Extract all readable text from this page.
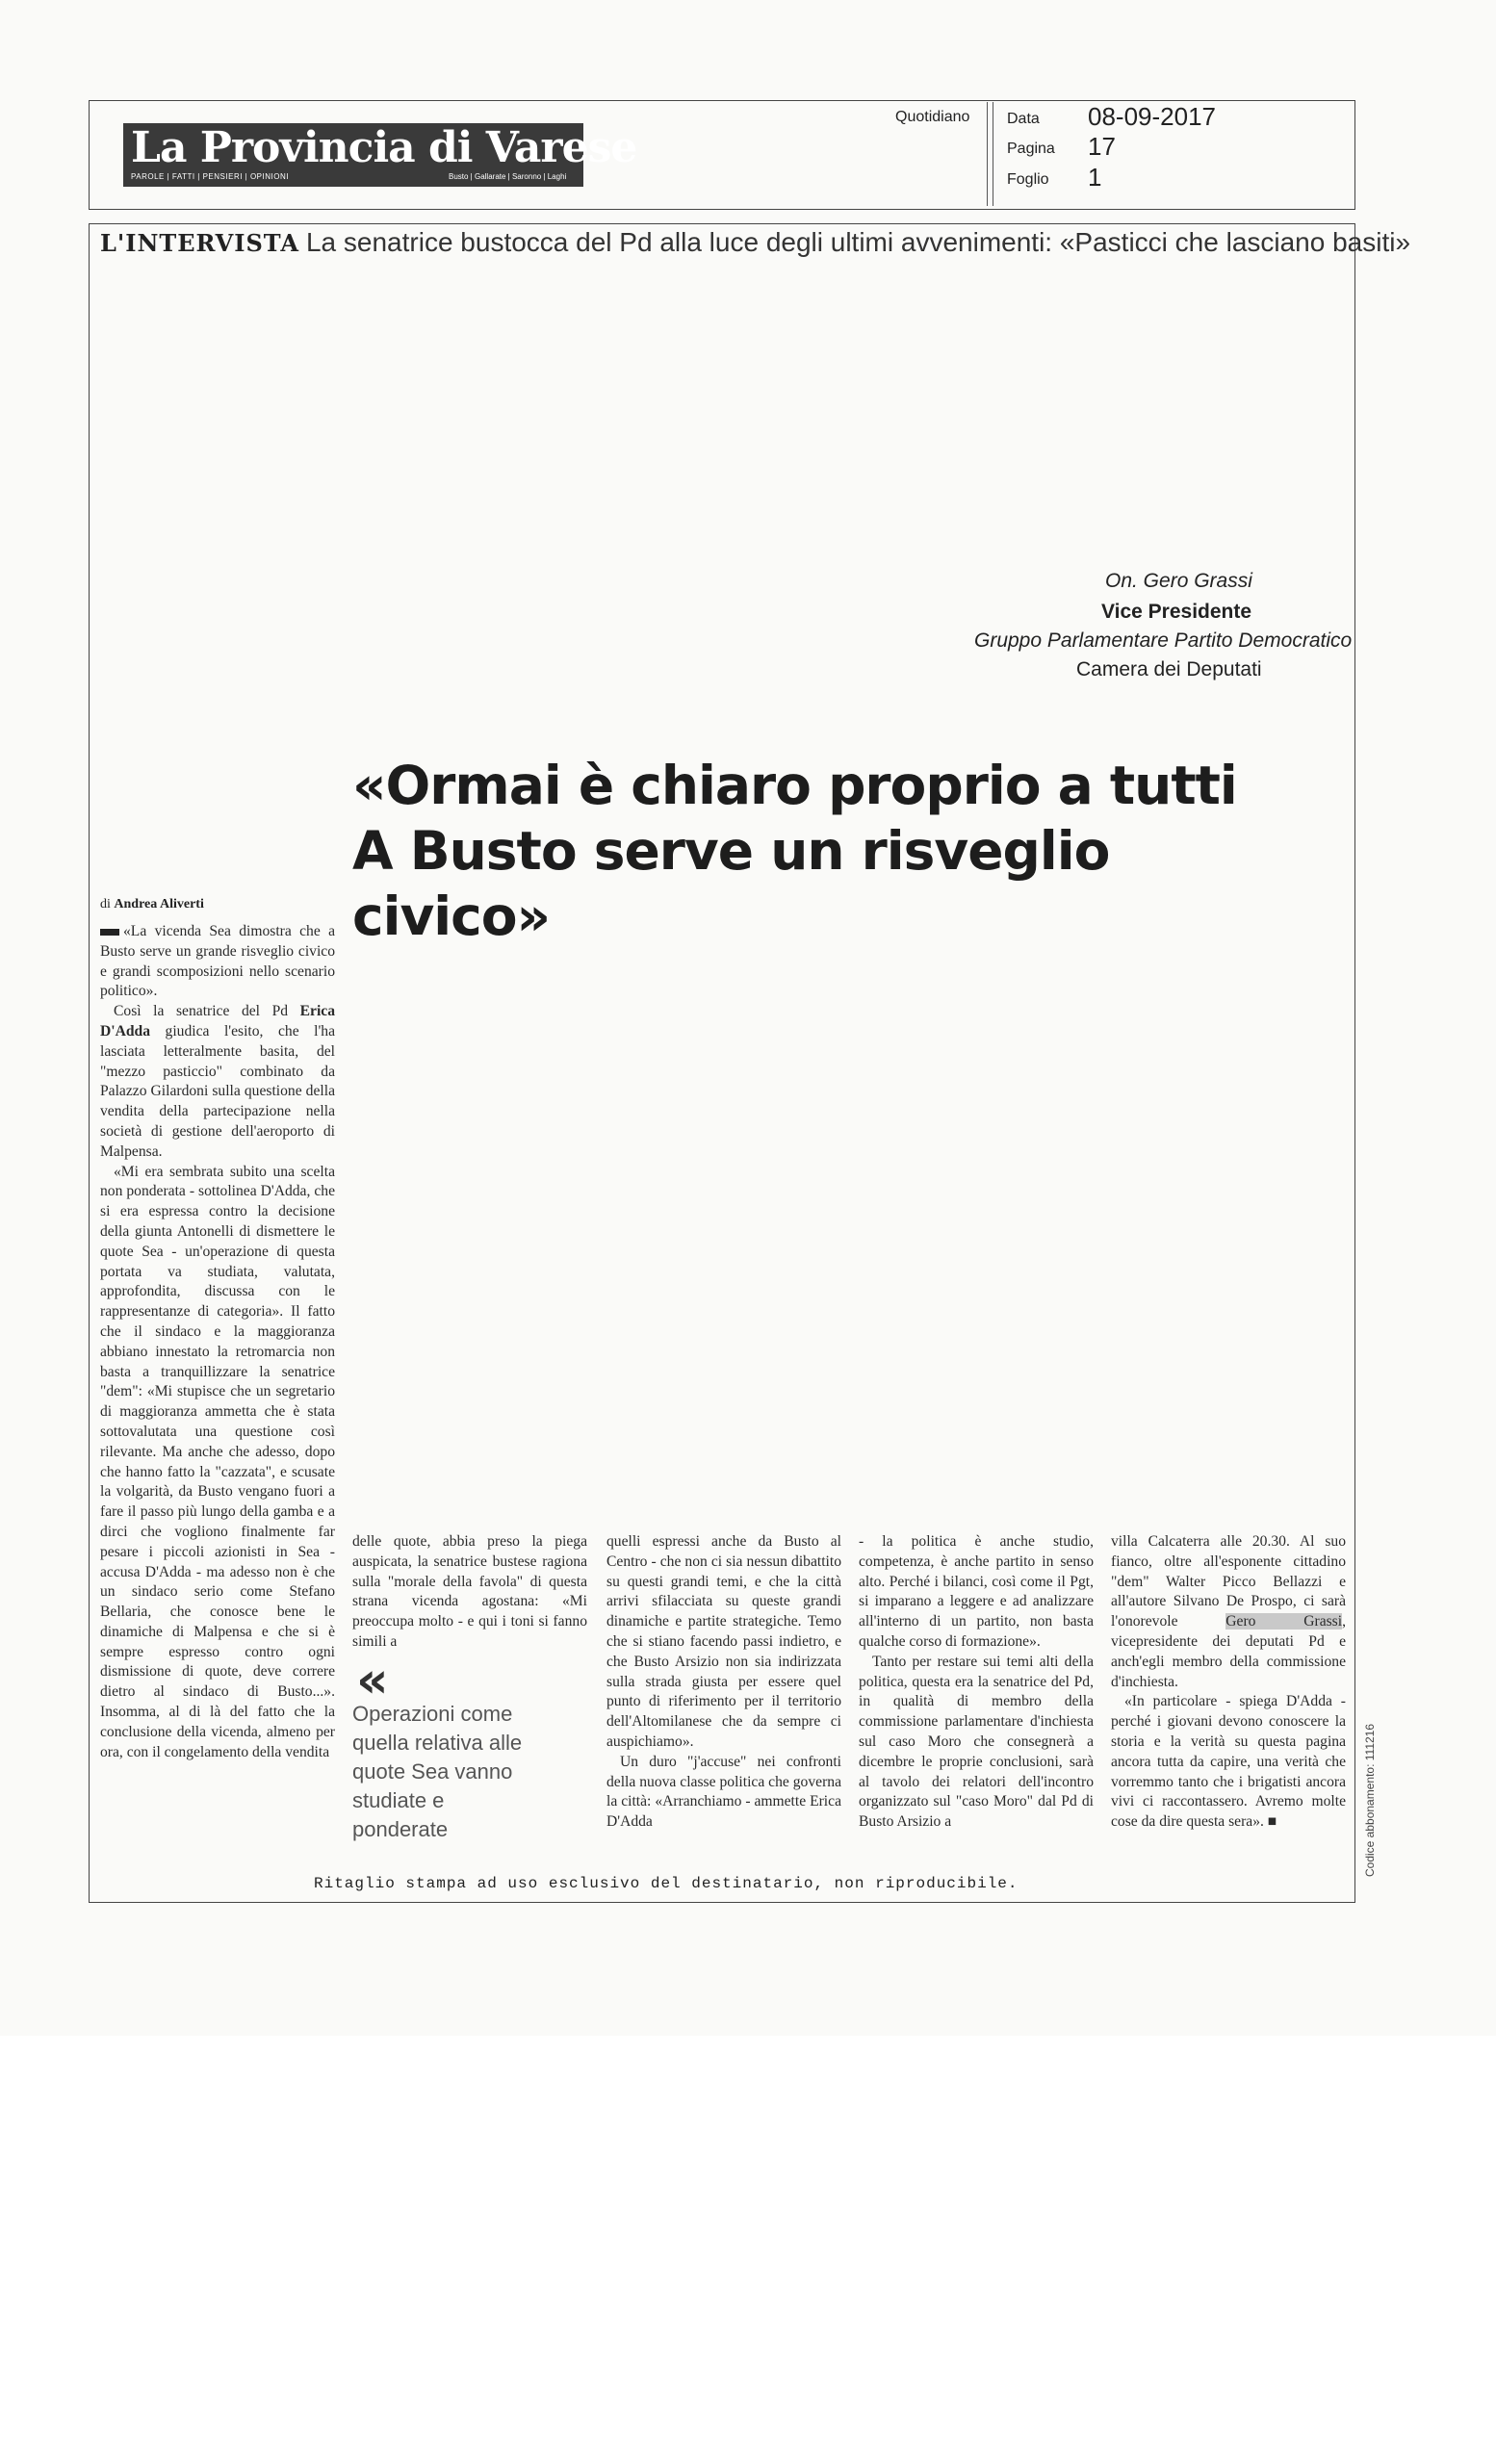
La Provincia di Varese
PAROLE | FATTI | PENSIERI | OPINIONI	Busto | Gallarate | Saronno | Laghi
Quotidiano Data 08-09-2017
Pagina 17
Foglio 1
L'INTERVISTA La senatrice bustocca del Pd alla luce degli ultimi avvenimenti: «Pasticci che lasciano basiti»
On. Gero Grassi
Vice Presidente
Gruppo Parlamentare Partito Democratico
Camera dei Deputati
«Ormai è chiaro proprio a tutti
A Busto serve un risveglio civico»
di Andrea Aliverti

«La vicenda Sea dimostra che a Busto serve un grande risveglio civico e grandi scomposizioni nello scenario politico».

Così la senatrice del Pd Erica D'Adda giudica l'esito, che l'ha lasciata letteralmente basita, del "mezzo pasticcio" combinato da Palazzo Gilardoni sulla questione della vendita della partecipazione nella società di gestione dell'aeroporto di Malpensa.

«Mi era sembrata subito una scelta non ponderata - sottolinea D'Adda, che si era espressa contro la decisione della giunta Antonelli di dismettere le quote Sea - un'operazione di questa portata va studiata, valutata, approfondita, discussa con le rappresentanze di categoria». Il fatto che il sindaco e la maggioranza abbiano innestato la retromarcia non basta a tranquillizzare la senatrice "dem": «Mi stupisce che un segretario di maggioranza ammetta che è stata sottovalutata una questione così rilevante. Ma anche che adesso, dopo che hanno fatto la "cazzata", e scusate la volgarità, da Busto vengano fuori a fare il passo più lungo della gamba e a dirci che vogliono finalmente far pesare i piccoli azionisti in Sea - accusa D'Adda - ma adesso non è che un sindaco serio come Stefano Bellaria, che conosce bene le dinamiche di Malpensa e che si è sempre espresso contro ogni dismissione di quote, deve correre dietro al sindaco di Busto...». Insomma, al di là del fatto che la conclusione della vicenda, almeno per ora, con il congelamento della vendita

delle quote, abbia preso la piega auspicata, la senatrice bustese ragiona sulla "morale della favola" di questa strana vicenda agostana: «Mi preoccupa molto - e qui i toni si fanno simili a

«
Operazioni come quella relativa alle quote Sea vanno studiate e ponderate

quelli espressi anche da Busto al Centro - che non ci sia nessun dibattito su questi grandi temi, e che la città arrivi sfilacciata su queste grandi dinamiche e partite strategiche. Temo che si stiano facendo passi indietro, e che Busto Arsizio non sia indirizzata sulla strada giusta per essere quel punto di riferimento per il territorio dell'Altomilanese che da sempre ci auspichiamo».

Un duro "j'accuse" nei confronti della nuova classe politica che governa la città: «Arranchiamo - ammette Erica D'Adda

- la politica è anche studio, competenza, è anche partito in senso alto. Perché i bilanci, così come il Pgt, si imparano a leggere e ad analizzare all'interno di un partito, non basta qualche corso di formazione».

Tanto per restare sui temi alti della politica, questa era la senatrice del Pd, in qualità di membro della commissione parlamentare d'inchiesta sul caso Moro che consegnerà a dicembre le proprie conclusioni, sarà al tavolo dei relatori dell'incontro organizzato sul "caso Moro" dal Pd di Busto Arsizio a

villa Calcaterra alle 20.30. Al suo fianco, oltre all'esponente cittadino "dem" Walter Picco Bellazzi e all'autore Silvano De Prospo, ci sarà l'onorevole Gero Grassi, vicepresidente dei deputati Pd e anch'egli membro della commissione d'inchiesta.

«In particolare - spiega D'Adda - perché i giovani devono conoscere la storia e la verità su questa pagina ancora tutta da capire, una verità che vorremmo tanto che i brigatisti ancora vivi ci raccontassero. Avremo molte cose da dire questa sera». ■	Codice abbonamento: 111216
Ritaglio stampa ad uso esclusivo del destinatario, non riproducibile.
